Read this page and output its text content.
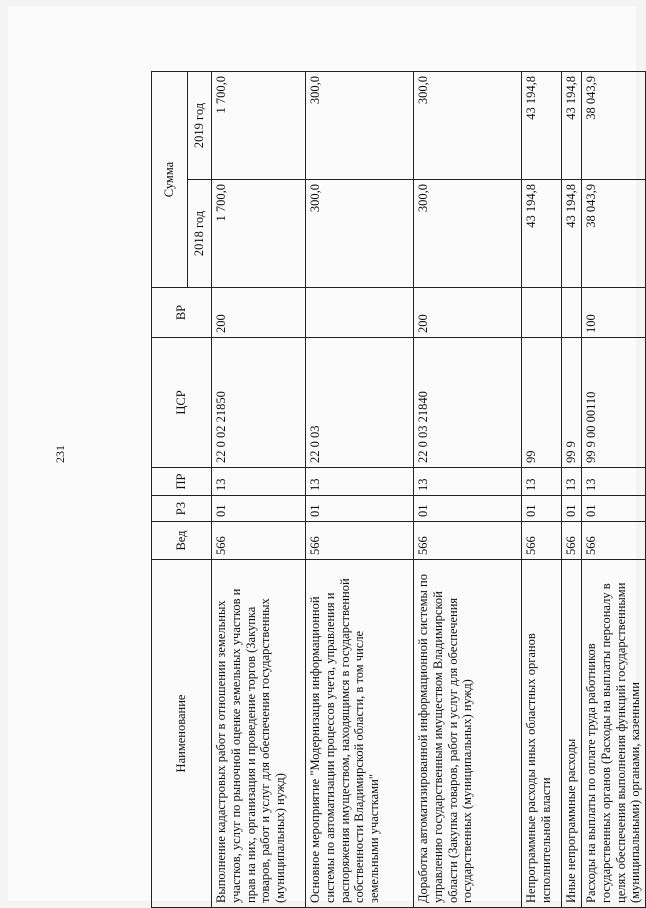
231
Наименование	Вед	РЗ	ПР	ЦСР	ВР	Сумма	
						2018 год	2019 год
Выполнение кадастровых работ в отношении земельных участков, услуг по рыночной оценке земельных участков и прав на них, организация и проведение торгов (Закупка товаров, работ и услуг для обеспечения государственных (муниципальных) нужд)	566	01	13	22 0 02 21850	200	1 700,0	1 700,0
Основное мероприятие "Модернизация информационной системы по автоматизации процессов учета, управления и распоряжения имуществом, находящимся в государственной собственности Владимирской области, в том числе земельными участками"	566	01	13	22 0 03		300,0	300,0
Доработка автоматизированной информационной системы по управлению государственным имуществом Владимирской области (Закупка товаров, работ и услуг для обеспечения государственных (муниципальных) нужд)	566	01	13	22 0 03 21840	200	300,0	300,0
Непрограммные расходы иных областных органов исполнительной власти	566	01	13	99		43 194,8	43 194,8
Иные непрограммные расходы	566	01	13	99 9		43 194,8	43 194,8
Расходы на выплаты по оплате труда работников государственных органов (Расходы на выплаты персоналу в целях обеспечения выполнения функций государственными (муниципальными) органами, казенными	566	01	13	99 9 00 00110	100	38 043,9	38 043,9
